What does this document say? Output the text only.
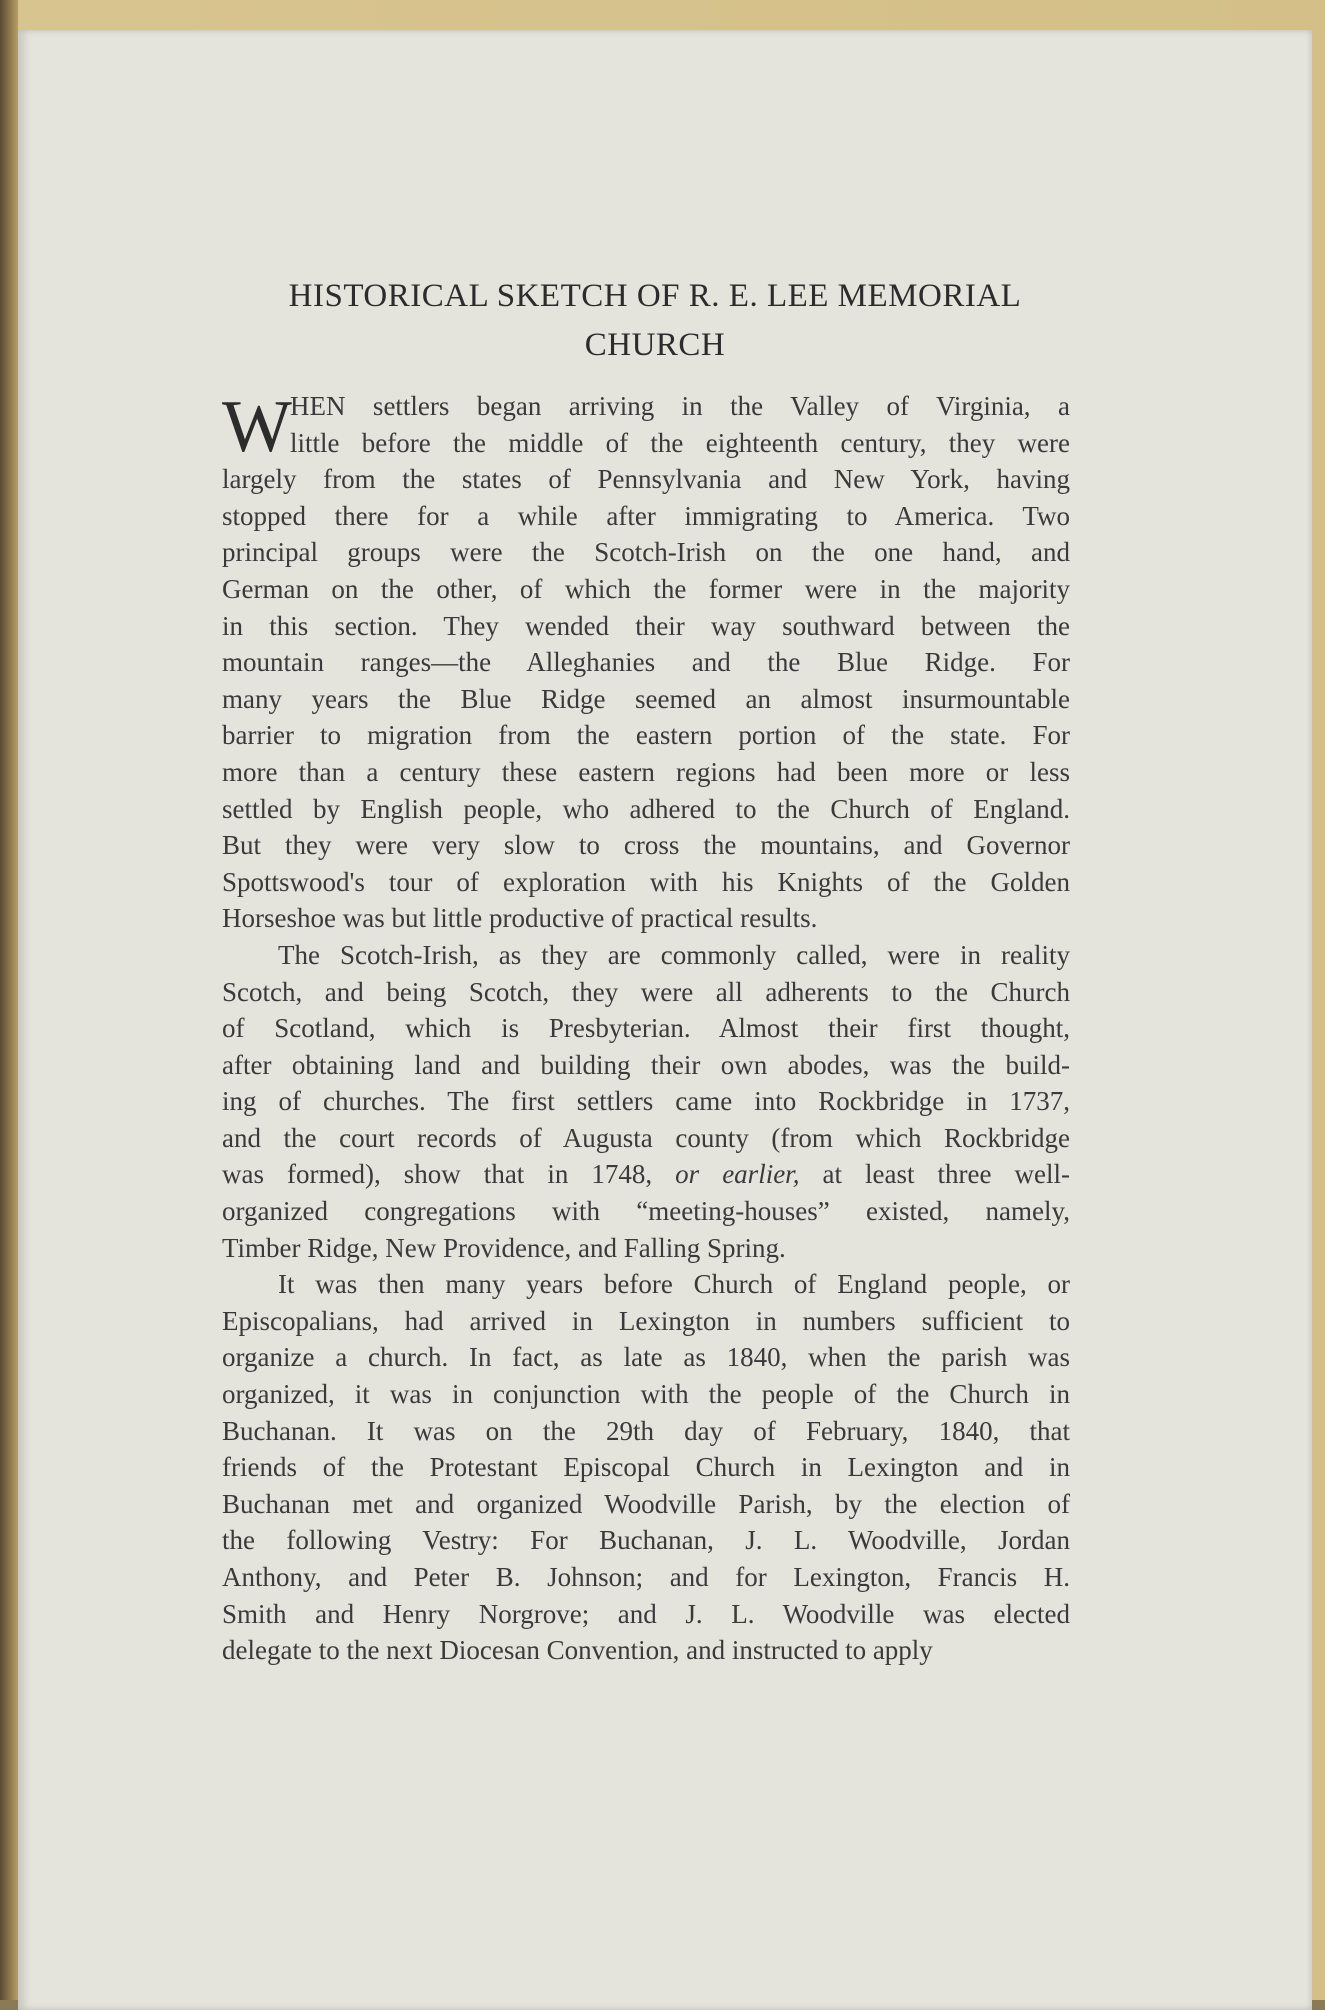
HISTORICAL SKETCH OF R. E. LEE MEMORIAL
CHURCH
W
HEN settlers began arriving in the Valley of Virginia, a
little before the middle of the eighteenth century, they were
largely from the states of Pennsylvania and New York, having
stopped there for a while after immigrating to America. Two
principal groups were the Scotch-Irish on the one hand, and
German on the other, of which the former were in the majority
in this section. They wended their way southward between the
mountain ranges—the Alleghanies and the Blue Ridge. For
many years the Blue Ridge seemed an almost insurmountable
barrier to migration from the eastern portion of the state. For
more than a century these eastern regions had been more or less
settled by English people, who adhered to the Church of England.
But they were very slow to cross the mountains, and Governor
Spottswood's tour of exploration with his Knights of the Golden
Horseshoe was but little productive of practical results.
The Scotch-Irish, as they are commonly called, were in reality
Scotch, and being Scotch, they were all adherents to the Church
of Scotland, which is Presbyterian. Almost their first thought,
after obtaining land and building their own abodes, was the build-
ing of churches. The first settlers came into Rockbridge in 1737,
and the court records of Augusta county (from which Rockbridge
was formed), show that in 1748, or earlier, at least three well-
organized congregations with “meeting-houses” existed, namely,
Timber Ridge, New Providence, and Falling Spring.
It was then many years before Church of England people, or
Episcopalians, had arrived in Lexington in numbers sufficient to
organize a church. In fact, as late as 1840, when the parish was
organized, it was in conjunction with the people of the Church in
Buchanan. It was on the 29th day of February, 1840, that
friends of the Protestant Episcopal Church in Lexington and in
Buchanan met and organized Woodville Parish, by the election of
the following Vestry: For Buchanan, J. L. Woodville, Jordan
Anthony, and Peter B. Johnson; and for Lexington, Francis H.
Smith and Henry Norgrove; and J. L. Woodville was elected
delegate to the next Diocesan Convention, and instructed to apply
